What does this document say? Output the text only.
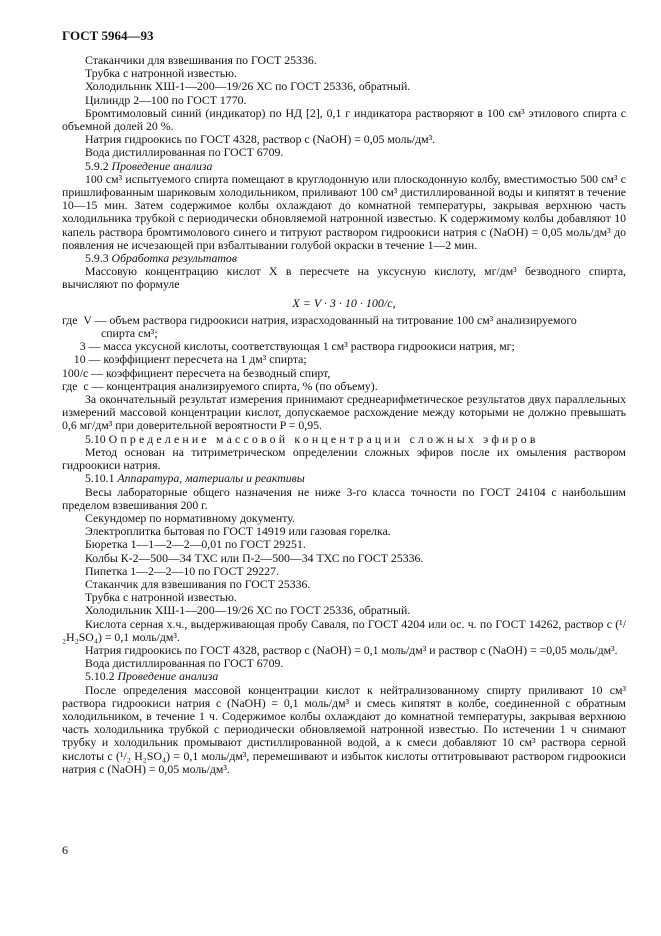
ГОСТ 5964—93

Стаканчики для взвешивания по ГОСТ 25336.

Трубка с натронной известью.

Холодильник ХШ-1—200—19/26 ХС по ГОСТ 25336, обратный.

Цилиндр 2—100 по ГОСТ 1770.

Бромтимоловый синий (индикатор) по НД [2], 0,1 г индикатора растворяют в 100 см³ этилового спирта с объемной долей 20 %.

Натрия гидроокись по ГОСТ 4328, раствор c (NaOH) = 0,05 моль/дм³.

Вода дистиллированная по ГОСТ 6709.

5.9.2 Проведение анализа

100 см³ испытуемого спирта помещают в круглодонную или плоскодонную колбу, вместимостью 500 см³ с пришлифованным шариковым холодильником, приливают 100 см³ дистиллированной воды и кипятят в течение 10—15 мин. Затем содержимое колбы охлаждают до комнатной температуры, закрывая верхнюю часть холодильника трубкой с периодически обновляемой натронной известью. К содержимому колбы добавляют 10 капель раствора бромтимолового синего и титруют раствором гидроокиси натрия c (NaOH) = 0,05 моль/дм³ до появления не исчезающей при взбалтывании голубой окраски в течение 1—2 мин.

5.9.3 Обработка результатов

Массовую концентрацию кислот X в пересчете на уксусную кислоту, мг/дм³ безводного спирта, вычисляют по формуле

X = V · 3 · 10 · 100/c,
где  V — объем раствора гидроокиси натрия, израсходованный на титрование 100 см³ анализируемого

спирта см³;

3 — масса уксусной кислоты, соответствующая 1 см³ раствора гидроокиси натрия, мг;
10 — коэффициент пересчета на 1 дм³ спирта;
100/c — коэффициент пересчета на безводный спирт,
где  c — концентрация анализируемого спирта, % (по объему).

За окончательный результат измерения принимают среднеарифметическое результатов двух параллельных измерений массовой концентрации кислот, допускаемое расхождение между которыми не должно превышать 0,6 мг/дм³ при доверительной вероятности P = 0,95.

5.10 Определение массовой концентрации сложных эфиров

Метод основан на титриметрическом определении сложных эфиров после их омыления раствором гидроокиси натрия.

5.10.1 Аппаратура, материалы и реактивы

Весы лабораторные общего назначения не ниже 3-го класса точности по ГОСТ 24104 с наибольшим пределом взвешивания 200 г.

Секундомер по нормативному документу.

Электроплитка бытовая по ГОСТ 14919 или газовая горелка.

Бюретка 1—1—2—2—0,01 по ГОСТ 29251.

Колбы К-2—500—34 ТХС или П-2—500—34 ТХС по ГОСТ 25336.

Пипетка 1—2—2—10 по ГОСТ 29227.

Стаканчик для взвешивания по ГОСТ 25336.

Трубка с натронной известью.

Холодильник ХШ-1—200—19/26 ХС по ГОСТ 25336, обратный.

Кислота серная х.ч., выдерживающая пробу Саваля, по ГОСТ 4204 или ос. ч. по ГОСТ 14262, раствор c (¹/₂H₂SO₄) = 0,1 моль/дм³.

Натрия гидроокись по ГОСТ 4328, раствор c (NaOH) = 0,1 моль/дм³ и раствор c (NaOH) = =0,05 моль/дм³.

Вода дистиллированная по ГОСТ 6709.

5.10.2 Проведение анализа

После определения массовой концентрации кислот к нейтрализованному спирту приливают 10 см³ раствора гидроокиси натрия c (NaOH) = 0,1 моль/дм³ и смесь кипятят в колбе, соединенной с обратным холодильником, в течение 1 ч. Содержимое колбы охлаждают до комнатной температуры, закрывая верхнюю часть холодильника трубкой с периодически обновляемой натронной известью. По истечении 1 ч снимают трубку и холодильник промывают дистиллированной водой, а к смеси добавляют 10 см³ раствора серной кислоты c (¹/₂ H₂SO₄) = 0,1 моль/дм³, перемешивают и избыток кислоты оттитровывают раствором гидроокиси натрия c (NaOH) = 0,05 моль/дм³.

6
